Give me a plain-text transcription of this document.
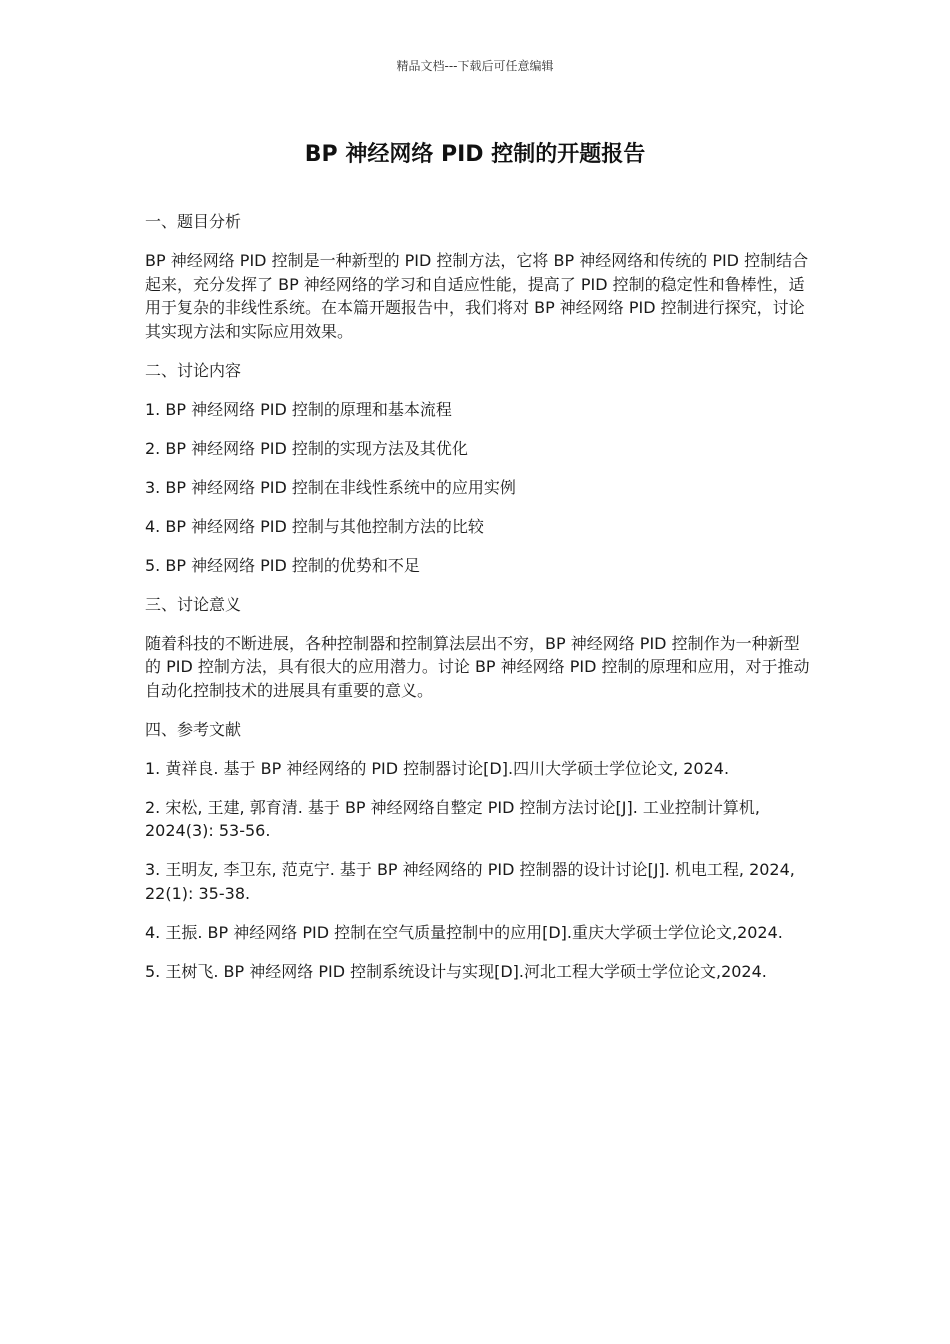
精品文档---下载后可任意编辑
BP 神经网络 PID 控制的开题报告

一、题目分析

BP 神经网络 PID 控制是一种新型的 PID 控制方法，它将 BP 神经网络和传统的 PID 控制结合起来，充分发挥了 BP 神经网络的学习和自适应性能，提高了 PID 控制的稳定性和鲁棒性，适用于复杂的非线性系统。在本篇开题报告中，我们将对 BP 神经网络 PID 控制进行探究，讨论其实现方法和实际应用效果。

二、讨论内容

1. BP 神经网络 PID 控制的原理和基本流程

2. BP 神经网络 PID 控制的实现方法及其优化

3. BP 神经网络 PID 控制在非线性系统中的应用实例

4. BP 神经网络 PID 控制与其他控制方法的比较

5. BP 神经网络 PID 控制的优势和不足

三、讨论意义

随着科技的不断进展，各种控制器和控制算法层出不穷，BP 神经网络 PID 控制作为一种新型的 PID 控制方法，具有很大的应用潜力。讨论 BP 神经网络 PID 控制的原理和应用，对于推动自动化控制技术的进展具有重要的意义。

四、参考文献

1. 黄祥良. 基于 BP 神经网络的 PID 控制器讨论[D].四川大学硕士学位论文, 2024.

2. 宋松, 王建, 郭育清. 基于 BP 神经网络自整定 PID 控制方法讨论[J]. 工业控制计算机, 2024(3): 53-56.

3. 王明友, 李卫东, 范克宁. 基于 BP 神经网络的 PID 控制器的设计讨论[J]. 机电工程, 2024, 22(1): 35-38.

4. 王振. BP 神经网络 PID 控制在空气质量控制中的应用[D].重庆大学硕士学位论文,2024.

5. 王树飞. BP 神经网络 PID 控制系统设计与实现[D].河北工程大学硕士学位论文,2024.
